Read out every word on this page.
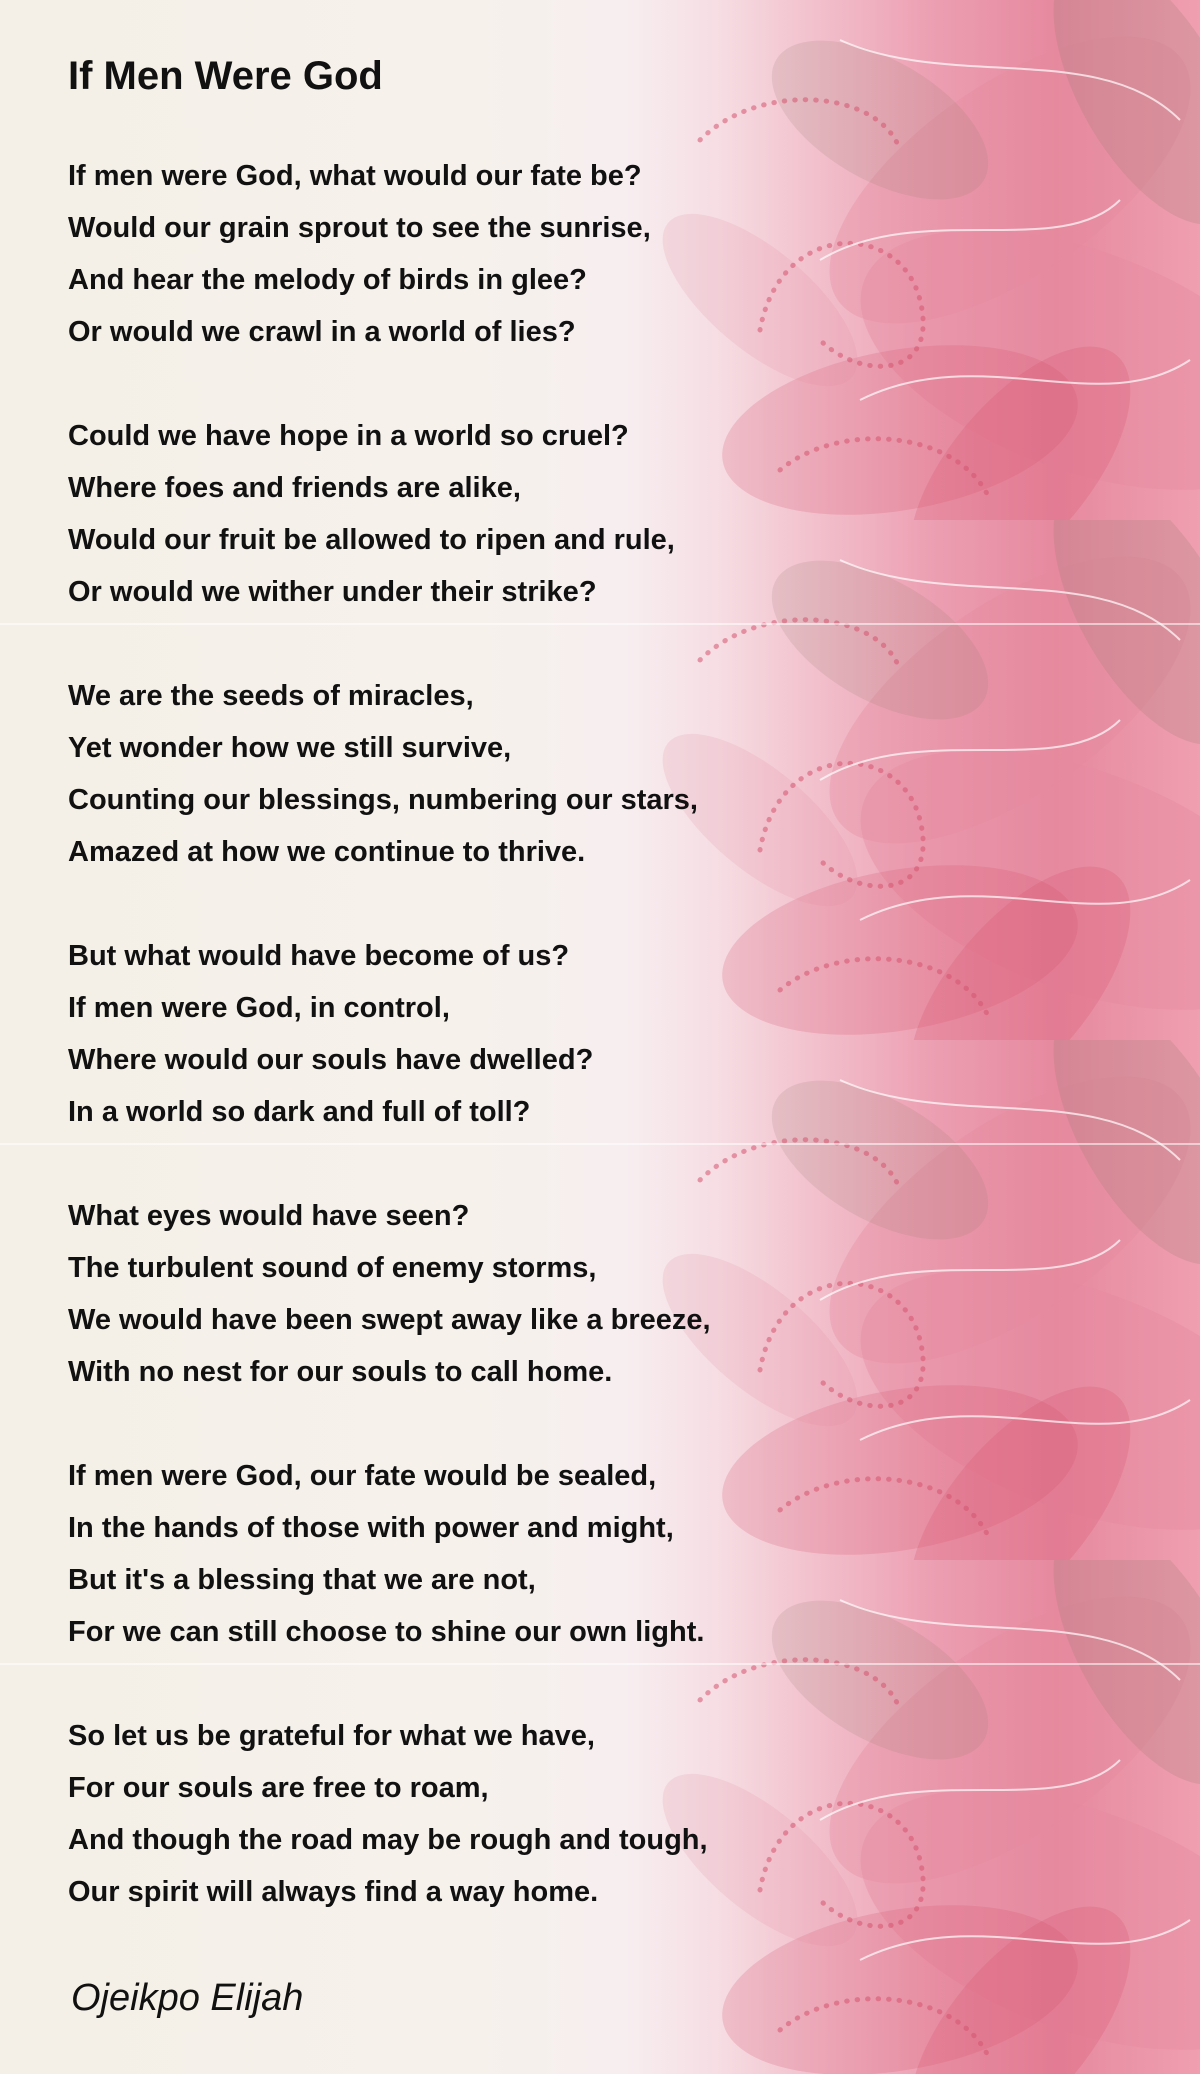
If Men Were God
If men were God, what would our fate be?
Would our grain sprout to see the sunrise,
And hear the melody of birds in glee?
Or would we crawl in a world of lies?
Could we have hope in a world so cruel?
Where foes and friends are alike,
Would our fruit be allowed to ripen and rule,
Or would we wither under their strike?
We are the seeds of miracles,
Yet wonder how we still survive,
Counting our blessings, numbering our stars,
Amazed at how we continue to thrive.
But what would have become of us?
If men were God, in control,
Where would our souls have dwelled?
In a world so dark and full of toll?
What eyes would have seen?
The turbulent sound of enemy storms,
We would have been swept away like a breeze,
With no nest for our souls to call home.
If men were God, our fate would be sealed,
In the hands of those with power and might,
But it's a blessing that we are not,
For we can still choose to shine our own light.
So let us be grateful for what we have,
For our souls are free to roam,
And though the road may be rough and tough,
Our spirit will always find a way home.
Ojeikpo Elijah
